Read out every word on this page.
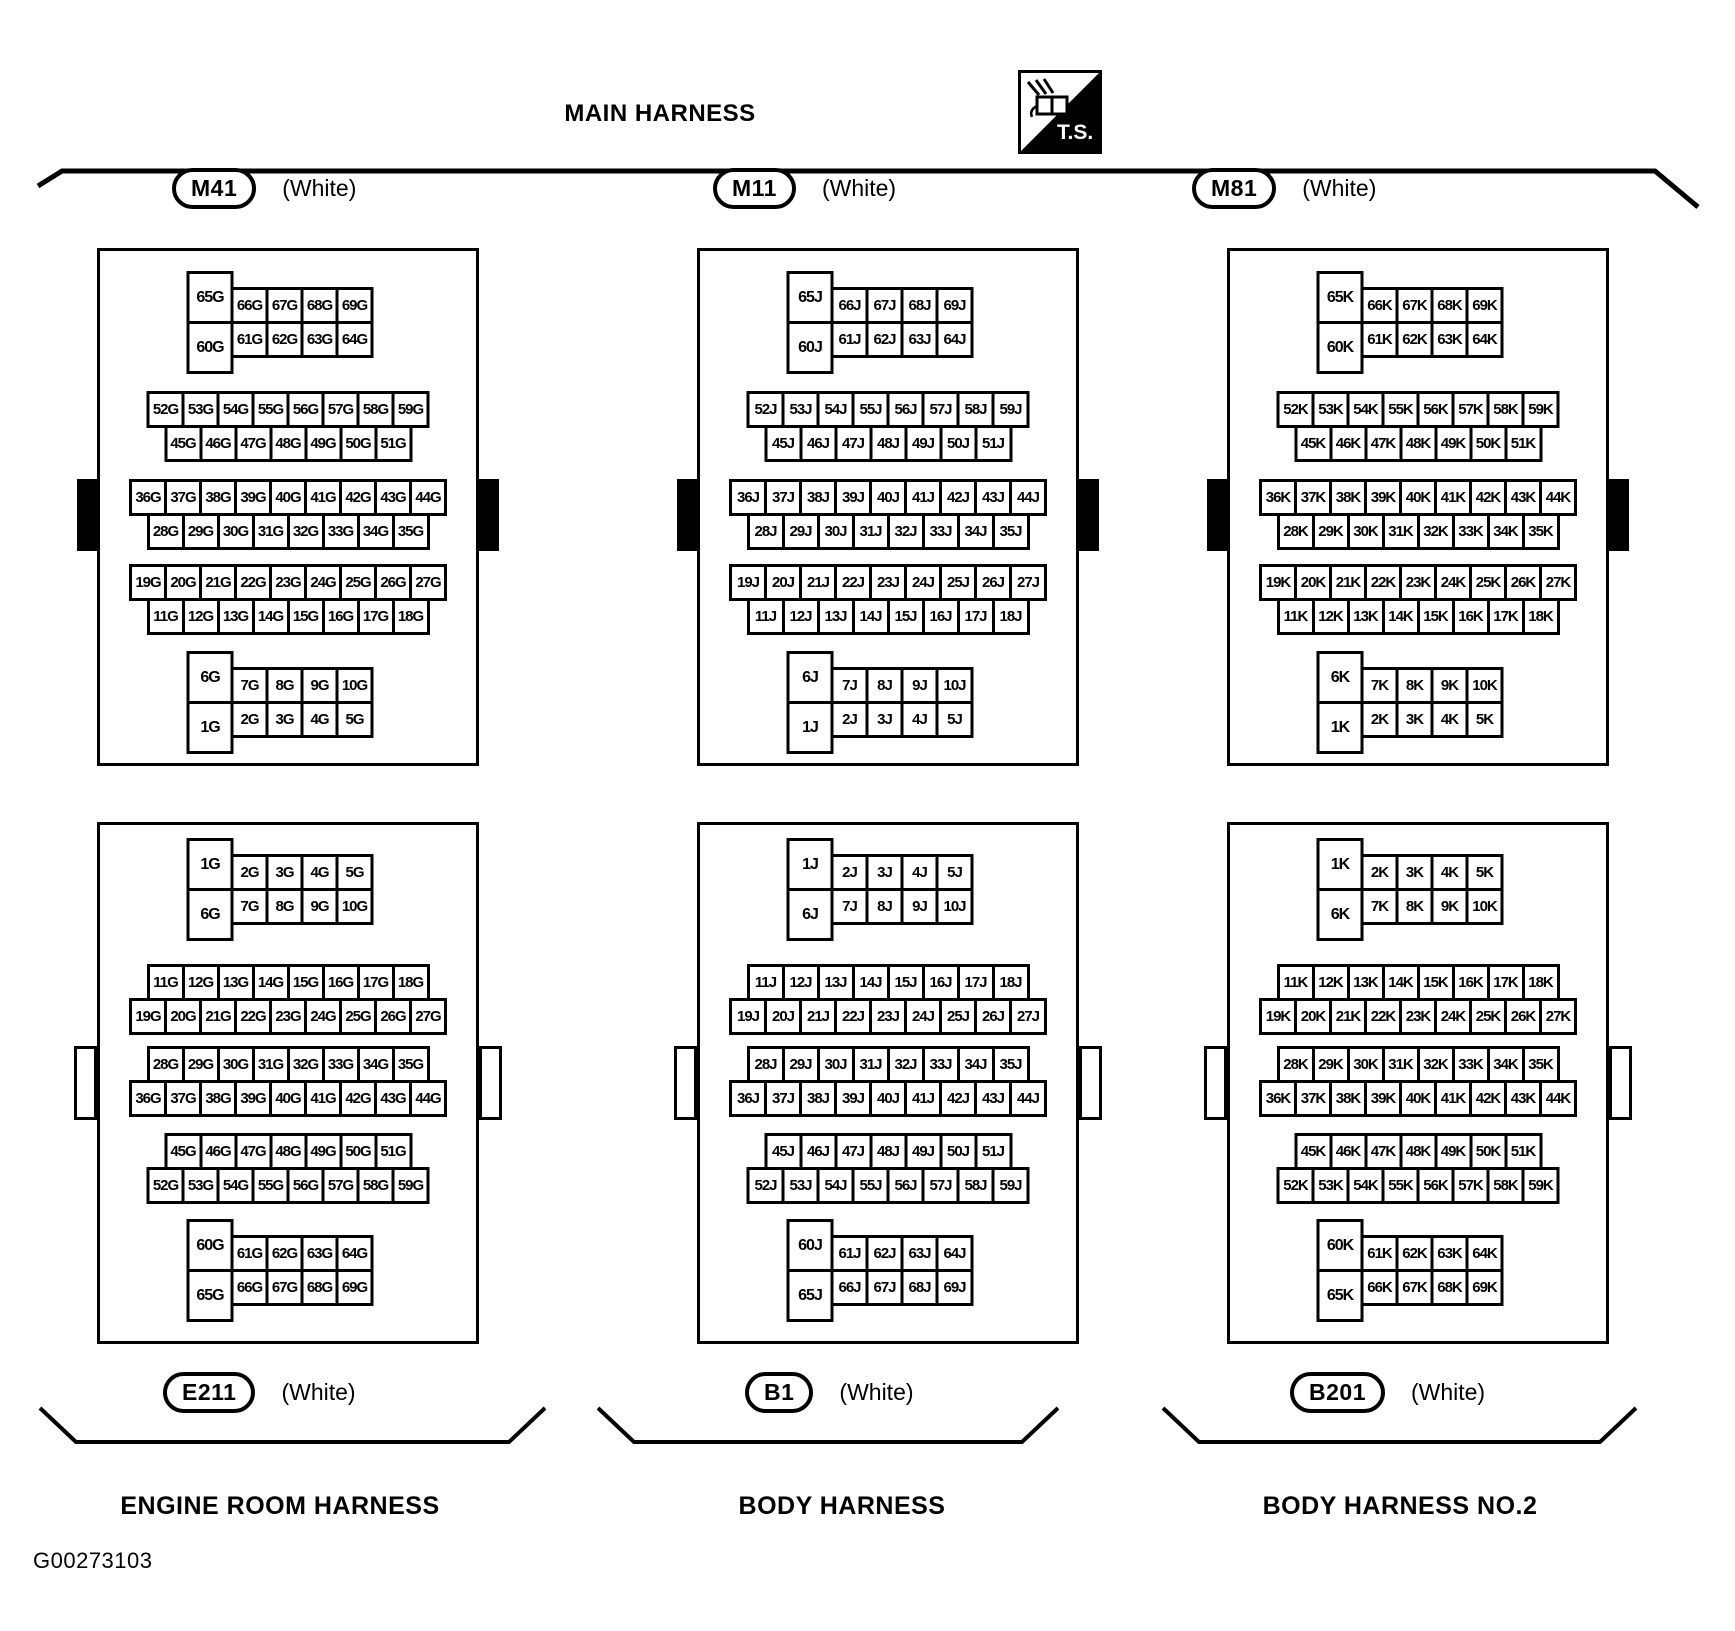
MAIN HARNESS
T.S.
M41	(White)	M11	(White)	M81	(White)
65G
60G
66G 67G 68G 69G
61G 62G 63G 64G
52G 53G 54G 55G 56G 57G 58G 59G
45G 46G 47G 48G 49G 50G 51G
36G 37G 38G 39G 40G 41G 42G 43G 44G
28G 29G 30G 31G 32G 33G 34G 35G
19G 20G 21G 22G 23G 24G 25G 26G 27G
11G 12G 13G 14G 15G 16G 17G 18G
6G
1G
7G	8G	9G 10G
2G	3G	4G	5G
65J
60J
66J 67J 68J 69J
61J 62J 63J 64J
52J 53J 54J 55J 56J 57J 58J 59J
45J 46J 47J 48J 49J 50J 51J
36J 37J 38J 39J 40J 41J 42J 43J 44J
28J 29J 30J 31J 32J 33J 34J 35J
19J 20J 21J 22J 23J 24J 25J 26J 27J
11J 12J 13J 14J 15J 16J 17J 18J
6J
1J
7J	8J	9J	10J
2J	3J	4J	5J
65K
60K
66K 67K 68K 69K
61K 62K 63K 64K
52K 53K 54K 55K 56K 57K 58K 59K
45K 46K 47K 48K 49K 50K 51K
36K 37K 38K 39K 40K 41K 42K 43K 44K
28K 29K 30K 31K 32K 33K 34K 35K
19K 20K 21K 22K 23K 24K 25K 26K 27K
11K 12K 13K 14K 15K 16K 17K 18K
6K
1K
7K	8K	9K 10K
2K	3K	4K	5K
1G
6G
2G	3G	4G	5G
7G	8G	9G 10G
11G 12G 13G 14G 15G 16G 17G 18G
19G 20G 21G 22G 23G 24G 25G 26G 27G
28G 29G 30G 31G 32G 33G 34G 35G
36G 37G 38G 39G 40G 41G 42G 43G 44G
45G 46G 47G 48G 49G 50G 51G
52G 53G 54G 55G 56G 57G 58G 59G
60G
65G
61G 62G 63G 64G
66G 67G 68G 69G
1J
6J
2J	3J	4J	5J
7J	8J	9J	10J
11J 12J 13J 14J 15J 16J 17J 18J
19J 20J 21J 22J 23J 24J 25J 26J 27J
28J 29J 30J 31J 32J 33J 34J 35J
36J 37J 38J 39J 40J 41J 42J 43J 44J
45J 46J 47J 48J 49J 50J 51J
52J 53J 54J 55J 56J 57J 58J 59J
60J
65J
61J 62J 63J 64J
66J 67J 68J 69J
1K
6K
2K	3K	4K	5K
7K	8K	9K 10K
11K 12K 13K 14K 15K 16K 17K 18K
19K 20K 21K 22K 23K 24K 25K 26K 27K
28K 29K 30K 31K 32K 33K 34K 35K
36K 37K 38K 39K 40K 41K 42K 43K 44K
45K 46K 47K 48K 49K 50K 51K
52K 53K 54K 55K 56K 57K 58K 59K
60K
65K
61K 62K 63K 64K
66K 67K 68K 69K
E211	(White)	B1	(White)	B201	(White)
ENGINE ROOM HARNESS	BODY HARNESS	BODY HARNESS NO.2
G00273103
